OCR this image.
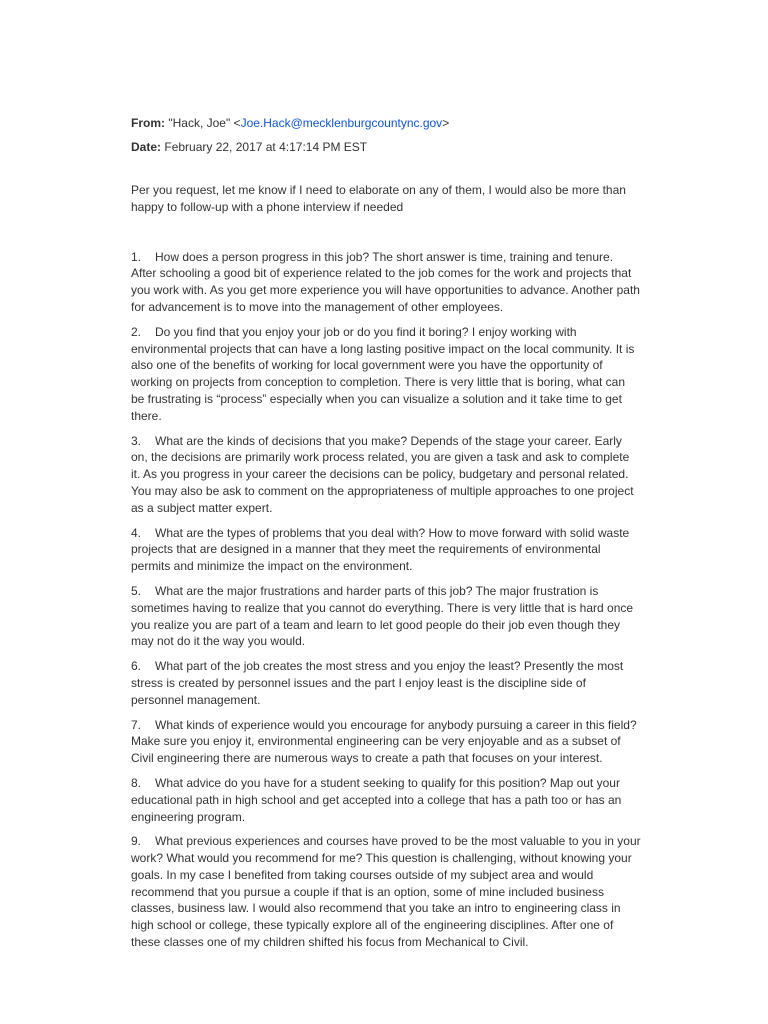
From: "Hack, Joe" <Joe.Hack@mecklenburgcountync.gov>
Date: February 22, 2017 at 4:17:14 PM EST
Per you request, let me know if I need to elaborate on any of them, I would also be more than happy to follow-up with a phone interview if needed
1. How does a person progress in this job? The short answer is time, training and tenure. After schooling a good bit of experience related to the job comes for the work and projects that you work with. As you get more experience you will have opportunities to advance. Another path for advancement is to move into the management of other employees.
2. Do you find that you enjoy your job or do you find it boring? I enjoy working with environmental projects that can have a long lasting positive impact on the local community. It is also one of the benefits of working for local government were you have the opportunity of working on projects from conception to completion. There is very little that is boring, what can be frustrating is “process” especially when you can visualize a solution and it take time to get there.
3. What are the kinds of decisions that you make? Depends of the stage your career. Early on, the decisions are primarily work process related, you are given a task and ask to complete it. As you progress in your career the decisions can be policy, budgetary and personal related. You may also be ask to comment on the appropriateness of multiple approaches to one project as a subject matter expert.
4. What are the types of problems that you deal with? How to move forward with solid waste projects that are designed in a manner that they meet the requirements of environmental permits and minimize the impact on the environment.
5. What are the major frustrations and harder parts of this job? The major frustration is sometimes having to realize that you cannot do everything. There is very little that is hard once you realize you are part of a team and learn to let good people do their job even though they may not do it the way you would.
6. What part of the job creates the most stress and you enjoy the least? Presently the most stress is created by personnel issues and the part I enjoy least is the discipline side of personnel management.
7. What kinds of experience would you encourage for anybody pursuing a career in this field? Make sure you enjoy it, environmental engineering can be very enjoyable and as a subset of Civil engineering there are numerous ways to create a path that focuses on your interest.
8. What advice do you have for a student seeking to qualify for this position? Map out your educational path in high school and get accepted into a college that has a path too or has an engineering program.
9. What previous experiences and courses have proved to be the most valuable to you in your work? What would you recommend for me? This question is challenging, without knowing your goals. In my case I benefited from taking courses outside of my subject area and would recommend that you pursue a couple if that is an option, some of mine included business classes, business law. I would also recommend that you take an intro to engineering class in high school or college, these typically explore all of the engineering disciplines. After one of these classes one of my children shifted his focus from Mechanical to Civil.
